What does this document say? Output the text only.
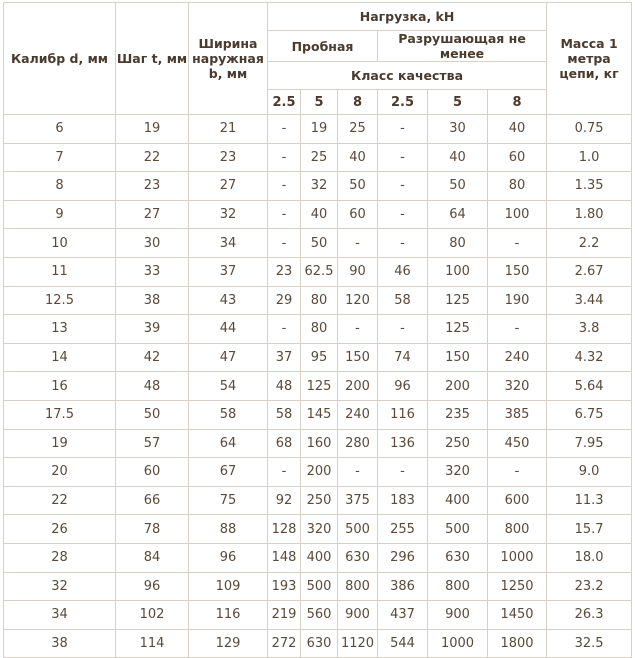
Калибр d, мм	Шаг t, мм	Ширина наружная b, мм	Нагрузка, kH						Масса 1 метра цепи, кг
			Пробная			Разрушающая не менее			
			Класс качества						
			2.5	5	8	2.5	5	8	
6	19	21	-	19	25	-	30	40	0.75
7	22	23	-	25	40	-	40	60	1.0
8	23	27	-	32	50	-	50	80	1.35
9	27	32	-	40	60	-	64	100	1.80
10	30	34	-	50	-	-	80	-	2.2
11	33	37	23	62.5	90	46	100	150	2.67
12.5	38	43	29	80	120	58	125	190	3.44
13	39	44	-	80	-	-	125	-	3.8
14	42	47	37	95	150	74	150	240	4.32
16	48	54	48	125	200	96	200	320	5.64
17.5	50	58	58	145	240	116	235	385	6.75
19	57	64	68	160	280	136	250	450	7.95
20	60	67	-	200	-	-	320	-	9.0
22	66	75	92	250	375	183	400	600	11.3
26	78	88	128	320	500	255	500	800	15.7
28	84	96	148	400	630	296	630	1000	18.0
32	96	109	193	500	800	386	800	1250	23.2
34	102	116	219	560	900	437	900	1450	26.3
38	114	129	272	630	1120	544	1000	1800	32.5
